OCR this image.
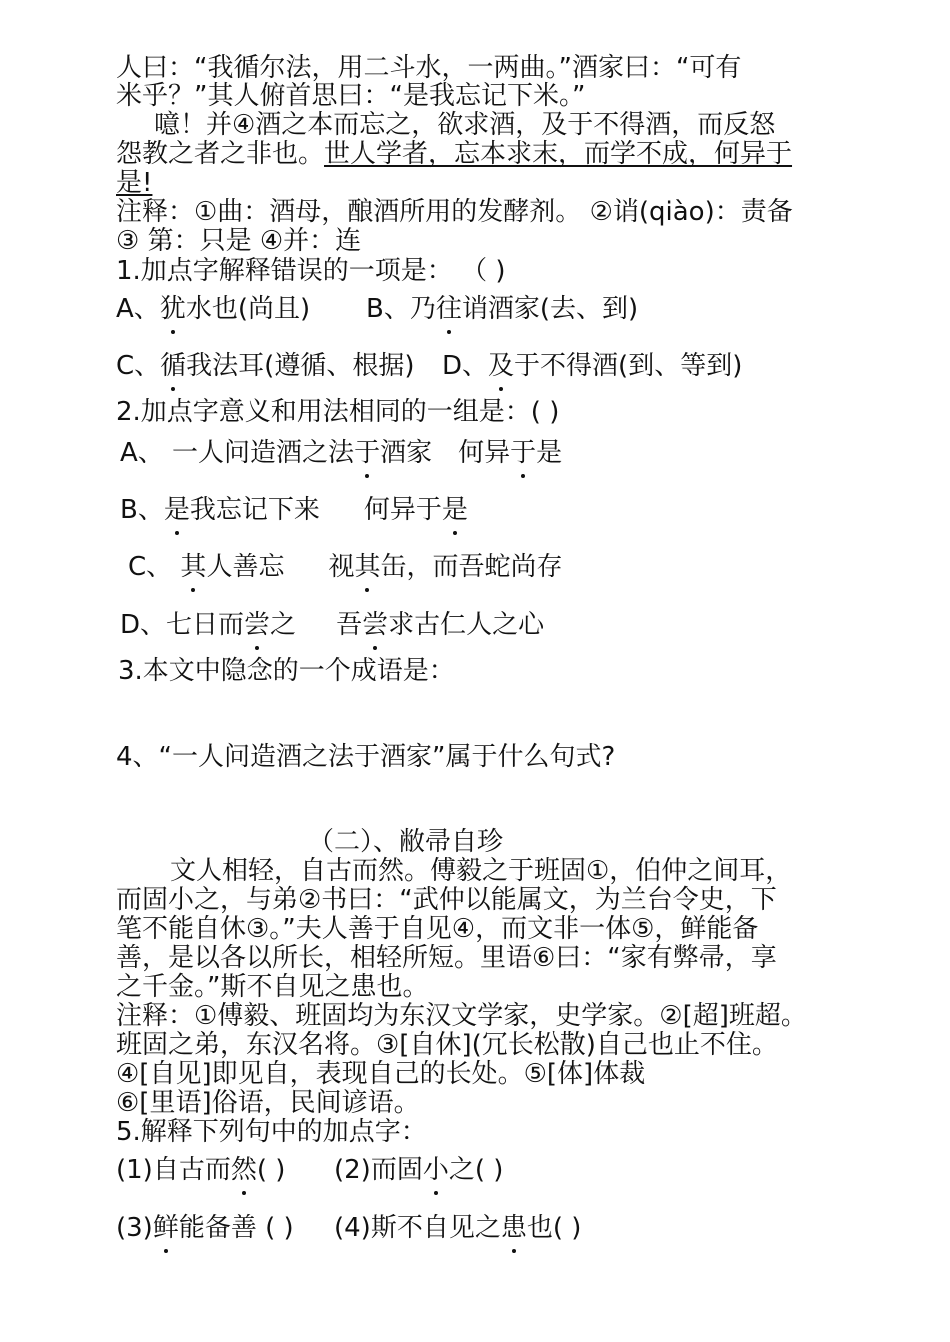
人曰：“我循尔法，用二斗水，一两曲。”酒家曰：“可有
米乎？”其人俯首思曰：“是我忘记下米。”
噫！并④酒之本而忘之，欲求酒，及于不得酒，而反怒
怨教之者之非也。世人学者，忘本求末，而学不成，何异于
是!
注释：①曲：酒母，酿酒所用的发酵剂。 ②诮(qiào)：责备
③ 第：只是 ④并：连
1.加点字解释错误的一项是： （ )
A、犹水也(尚且) B、乃往诮酒家(去、到)
C、循我法耳(遵循、根据) D、及于不得酒(到、等到)
2.加点字意义和用法相同的一组是：( )
A、 一人问造酒之法于酒家 何异于是
B、是我忘记下来 何异于是
C、 其人善忘 视其缶，而吾蛇尚存
D、七日而尝之 吾尝求古仁人之心
3.本文中隐念的一个成语是：
4、“一人问造酒之法于酒家”属于什么句式?
（二）、敝帚自珍
文人相轻，自古而然。傅毅之于班固①，伯仲之间耳，
而固小之，与弟②书曰：“武仲以能属文，为兰台令史，下
笔不能自休③。”夫人善于自见④，而文非一体⑤，鲜能备
善，是以各以所长，相轻所短。里语⑥曰：“家有弊帚，享
之千金。”斯不自见之患也。
注释：①傅毅、班固均为东汉文学家，史学家。②[超]班超。
班固之弟，东汉名将。③[自休](冗长松散)自己也止不住。
④[自见]即见自，表现自己的长处。⑤[体]体裁
⑥[里语]俗语，民间谚语。
5.解释下列句中的加点字：
(1)自古而然( ) (2)而固小之( )
(3)鲜能备善 ( ) (4)斯不自见之患也( )
